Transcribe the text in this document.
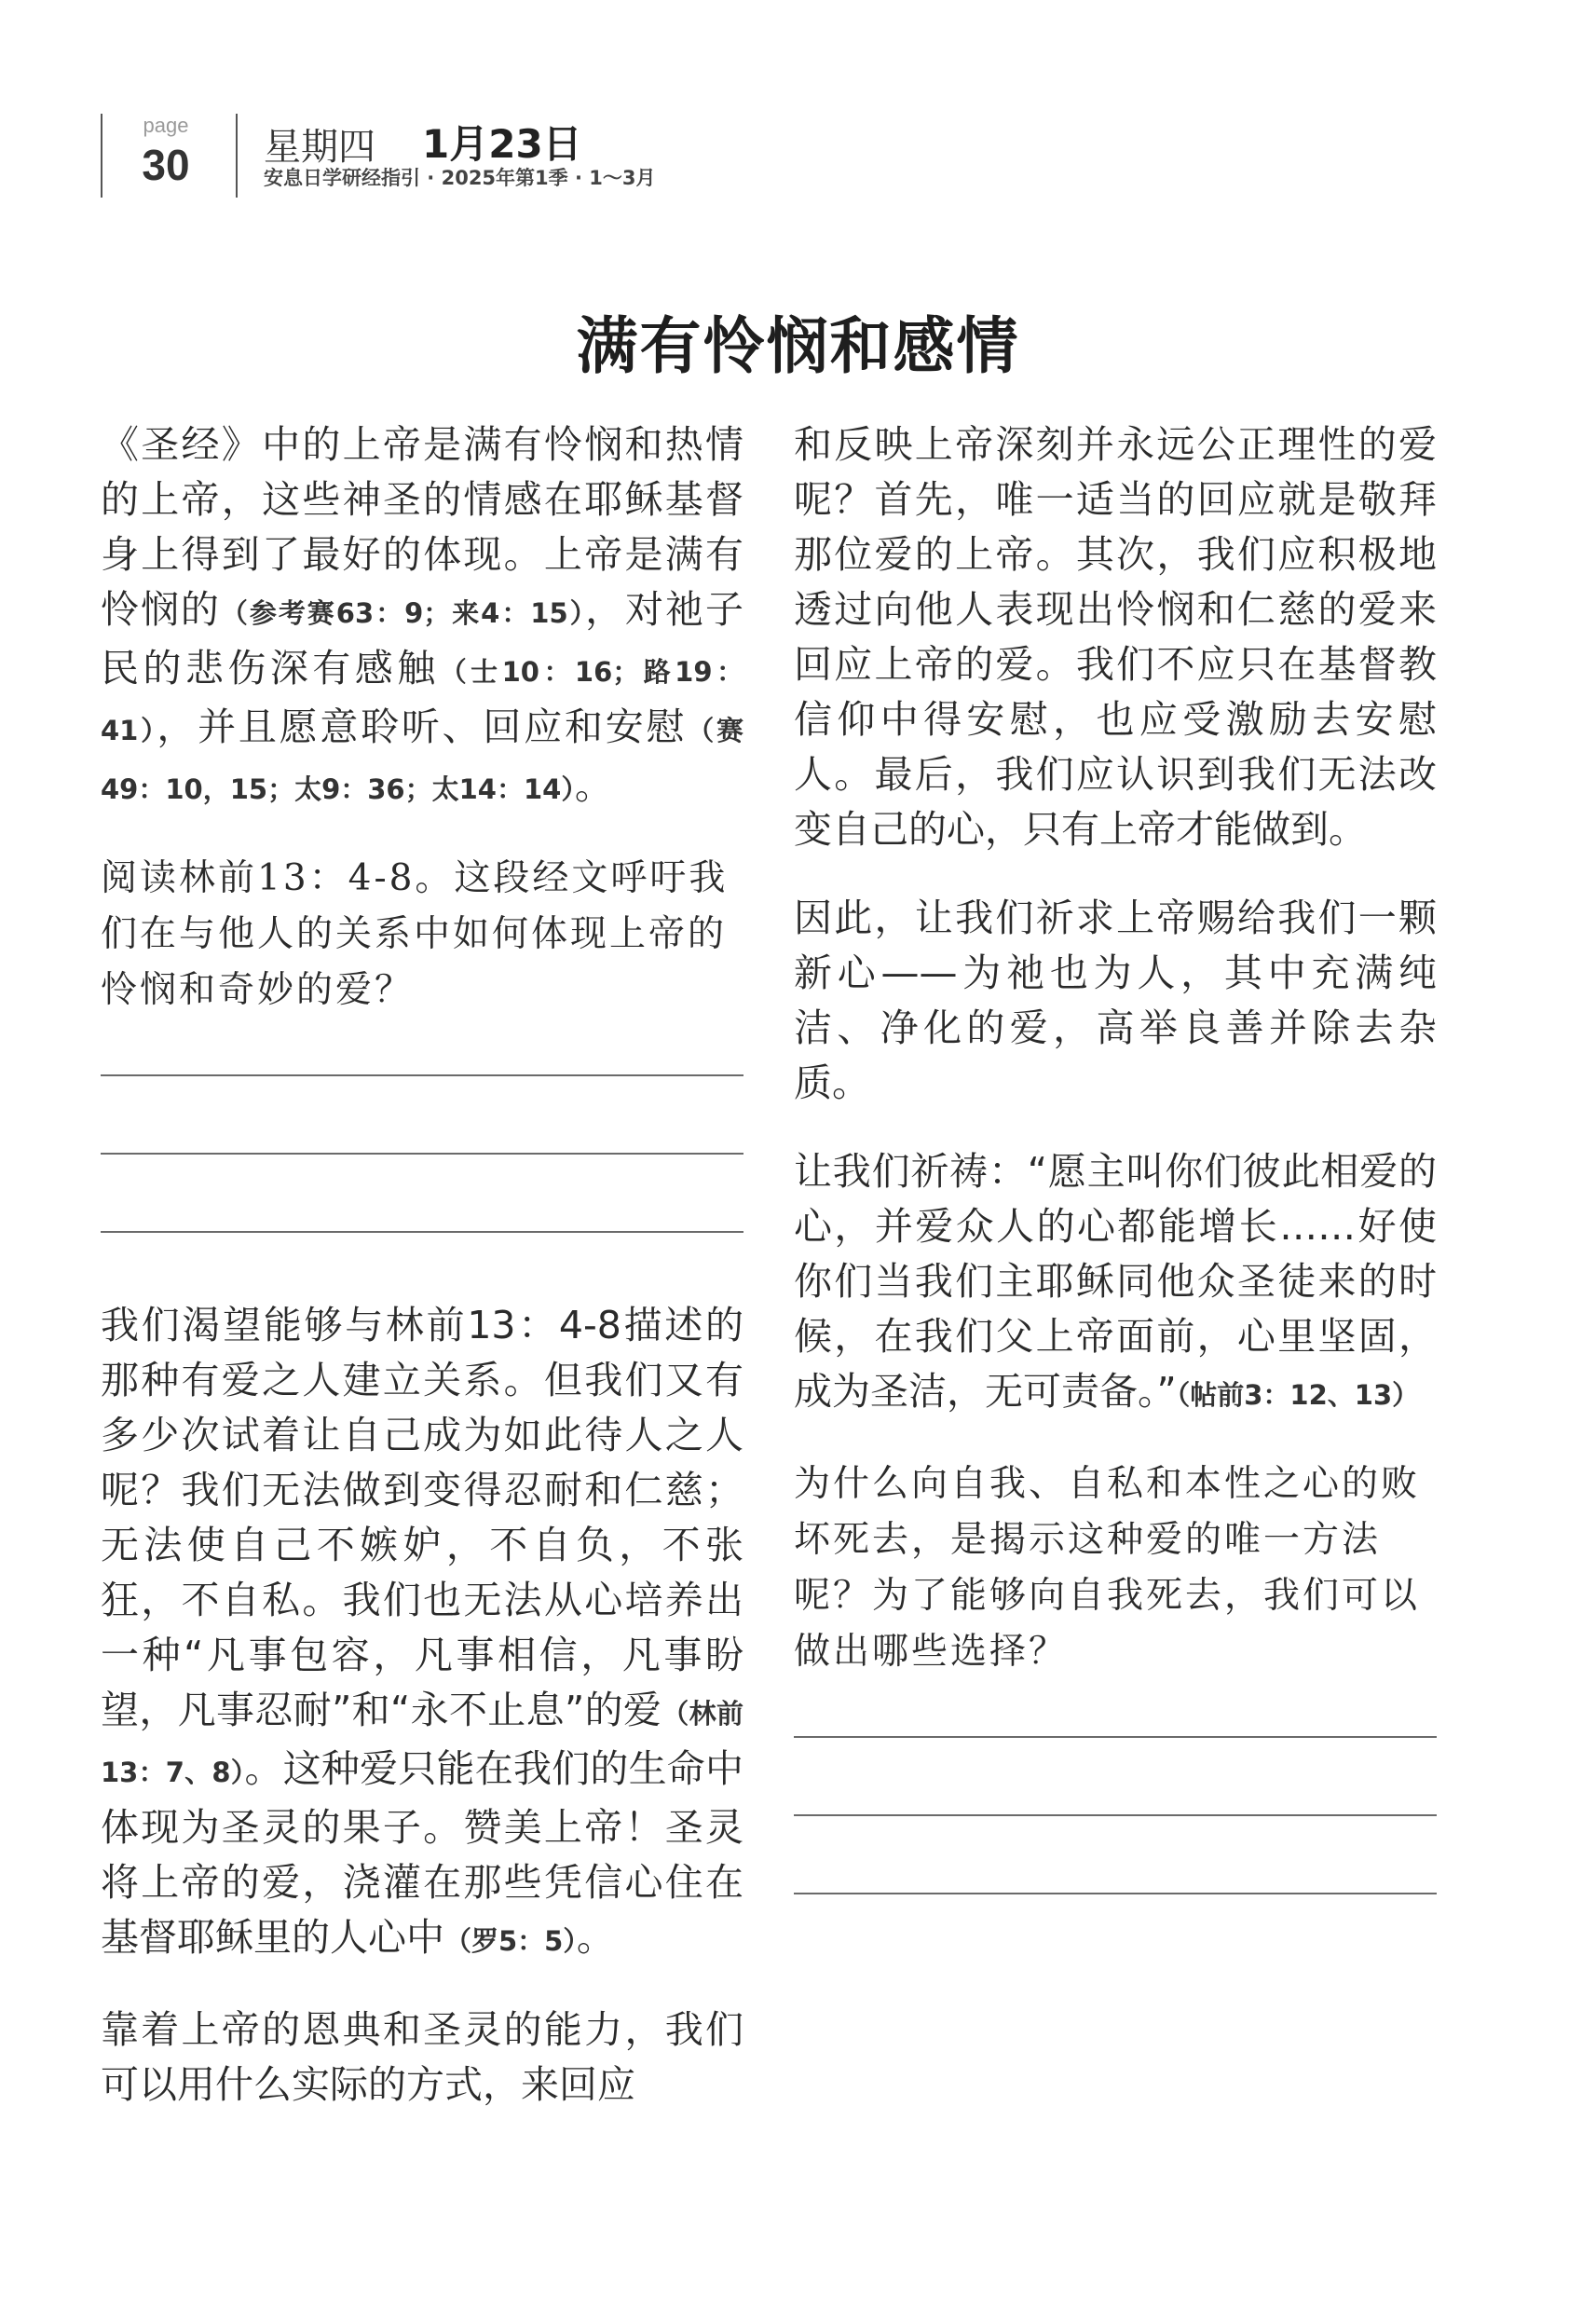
page
30	星期四 1月23日
安息日学研经指引 · 2025年第1季 · 1～3月
满有怜悯和感情

《圣经》中的上帝是满有怜悯和热情的上帝，这些神圣的情感在耶稣基督身上得到了最好的体现。上帝是满有怜悯的（参考赛63：9；来4：15），对祂子民的悲伤深有感触（士10：16；路19：41），并且愿意聆听、回应和安慰（赛49：10，15；太9：36；太14：14）。

阅读林前13：4-8。这段经文呼吁我们在与他人的关系中如何体现上帝的怜悯和奇妙的爱？

我们渴望能够与林前13：4-8描述的那种有爱之人建立关系。但我们又有多少次试着让自己成为如此待人之人呢？我们无法做到变得忍耐和仁慈；无法使自己不嫉妒，不自负，不张狂，不自私。我们也无法从心培养出一种“凡事包容，凡事相信，凡事盼望，凡事忍耐”和“永不止息”的爱（林前13：7、8）。这种爱只能在我们的生命中体现为圣灵的果子。赞美上帝！圣灵将上帝的爱，浇灌在那些凭信心住在基督耶稣里的人心中（罗5：5）。

靠着上帝的恩典和圣灵的能力，我们可以用什么实际的方式，来回应

和反映上帝深刻并永远公正理性的爱呢？首先，唯一适当的回应就是敬拜那位爱的上帝。其次，我们应积极地透过向他人表现出怜悯和仁慈的爱来回应上帝的爱。我们不应只在基督教信仰中得安慰，也应受激励去安慰人。最后，我们应认识到我们无法改变自己的心，只有上帝才能做到。

因此，让我们祈求上帝赐给我们一颗新心——为祂也为人，其中充满纯洁、净化的爱，高举良善并除去杂质。

让我们祈祷：“愿主叫你们彼此相爱的心，并爱众人的心都能增长……好使你们当我们主耶稣同他众圣徒来的时候，在我们父上帝面前，心里坚固，成为圣洁，无可责备。”（帖前3：12、13）

为什么向自我、自私和本性之心的败坏死去，是揭示这种爱的唯一方法呢？为了能够向自我死去，我们可以做出哪些选择？
